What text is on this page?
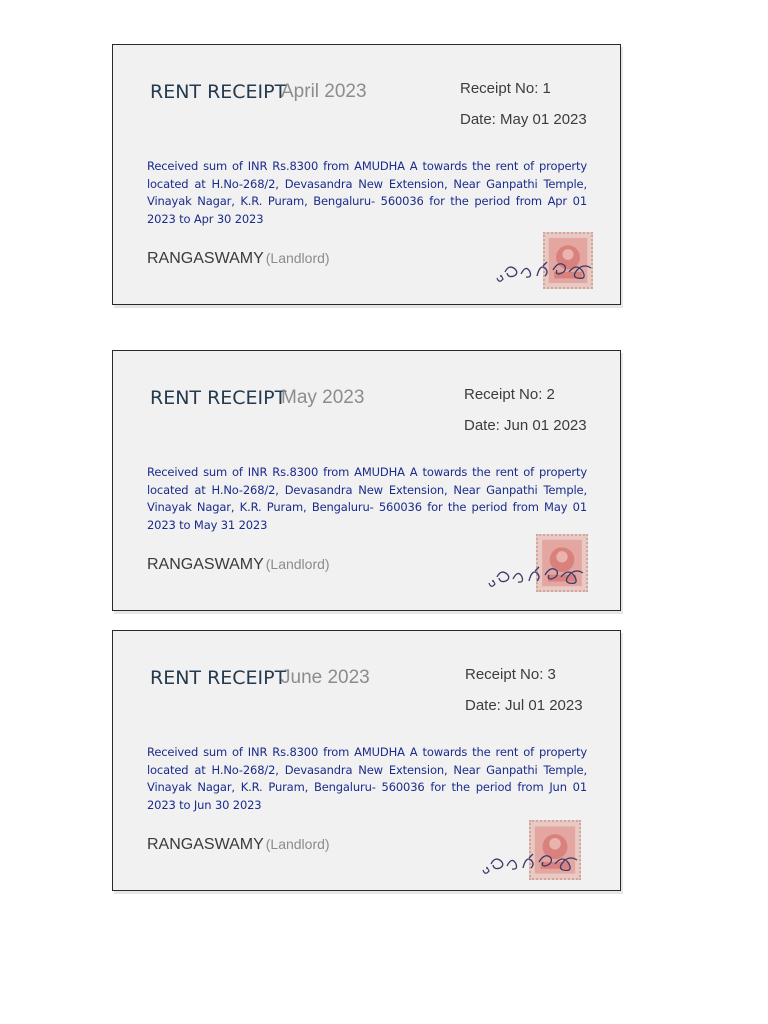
RENT RECEIPT
April 2023	Receipt No: 1
Date: May 01 2023
Received sum of INR Rs.8300 from AMUDHA A towards the rent of property located at H.No-268/2, Devasandra New Extension, Near Ganpathi Temple, Vinayak Nagar, K.R. Puram, Bengaluru- 560036 for the period from Apr 01 2023 to Apr 30 2023
RANGASWAMY (Landlord)
RENT RECEIPT
May 2023	Receipt No: 2
Date: Jun 01 2023
Received sum of INR Rs.8300 from AMUDHA A towards the rent of property located at H.No-268/2, Devasandra New Extension, Near Ganpathi Temple, Vinayak Nagar, K.R. Puram, Bengaluru- 560036 for the period from May 01 2023 to May 31 2023
RANGASWAMY (Landlord)
RENT RECEIPT
June 2023	Receipt No: 3
Date: Jul 01 2023
Received sum of INR Rs.8300 from AMUDHA A towards the rent of property located at H.No-268/2, Devasandra New Extension, Near Ganpathi Temple, Vinayak Nagar, K.R. Puram, Bengaluru- 560036 for the period from Jun 01 2023 to Jun 30 2023
RANGASWAMY (Landlord)
